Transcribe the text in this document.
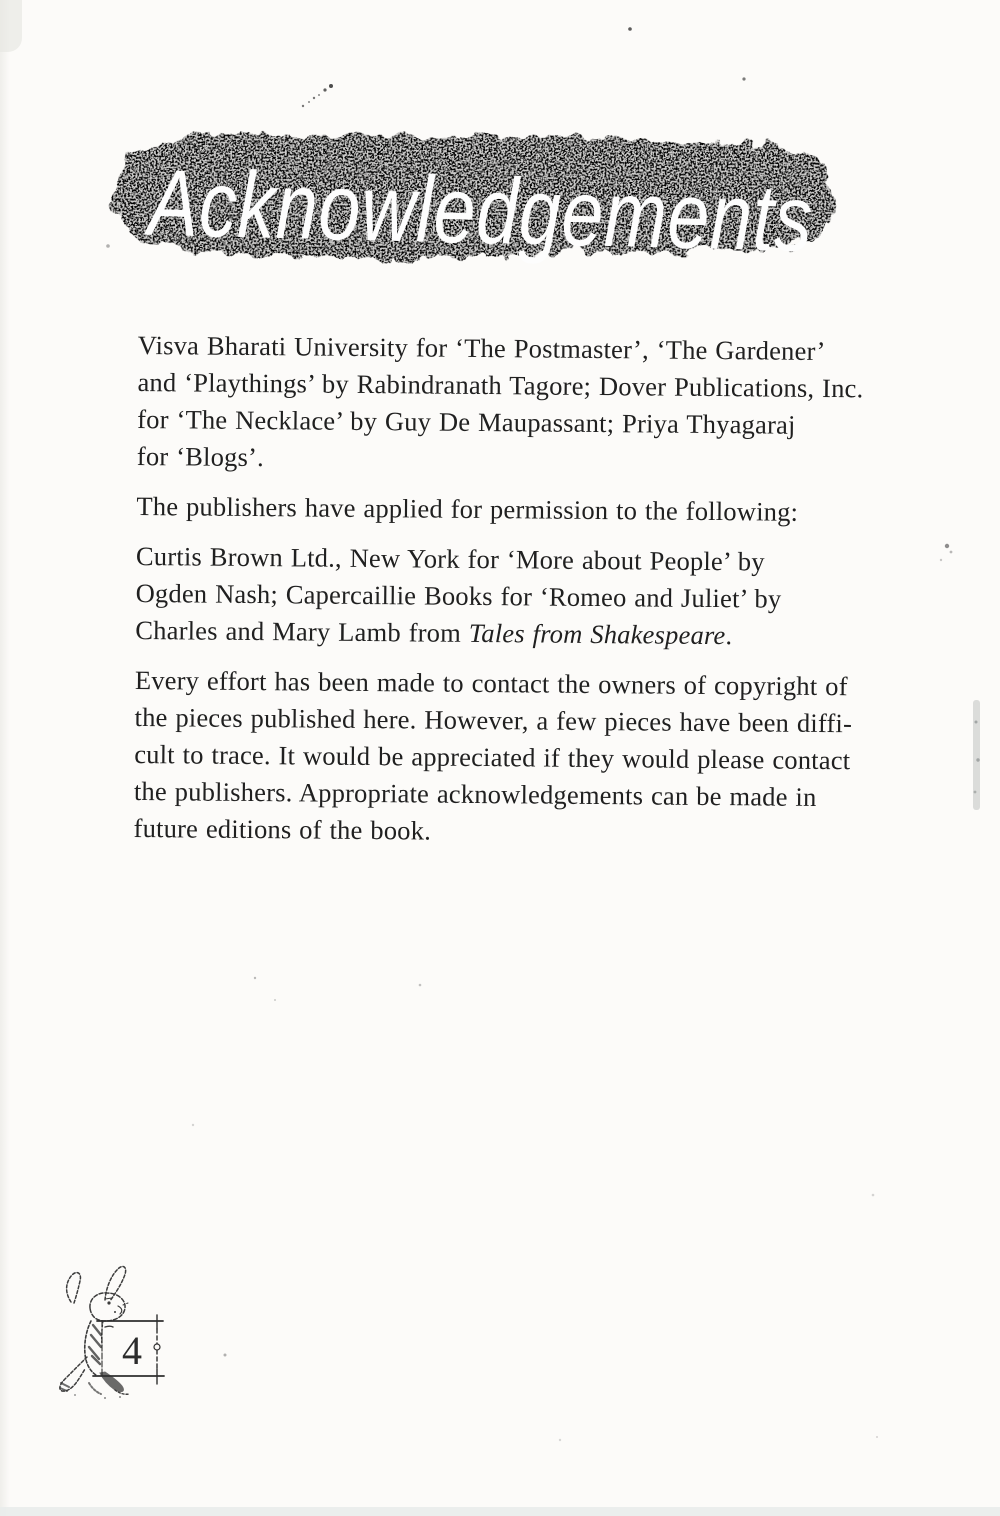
Acknowledgements
Visva Bharati University for ‘The Postmaster’, ‘The Gardener’
and ‘Playthings’ by Rabindranath Tagore; Dover Publications, Inc.
for ‘The Necklace’ by Guy De Maupassant; Priya Thyagaraj
for ‘Blogs’.
The publishers have applied for permission to the following:
Curtis Brown Ltd., New York for ‘More about People’ by
Ogden Nash; Capercaillie Books for ‘Romeo and Juliet’ by
Charles and Mary Lamb from Tales from Shakespeare.
Every effort has been made to contact the owners of copyright of
the pieces published here. However, a few pieces have been diffi-
cult to trace. It would be appreciated if they would please contact
the publishers. Appropriate acknowledgements can be made in
future editions of the book.
4
